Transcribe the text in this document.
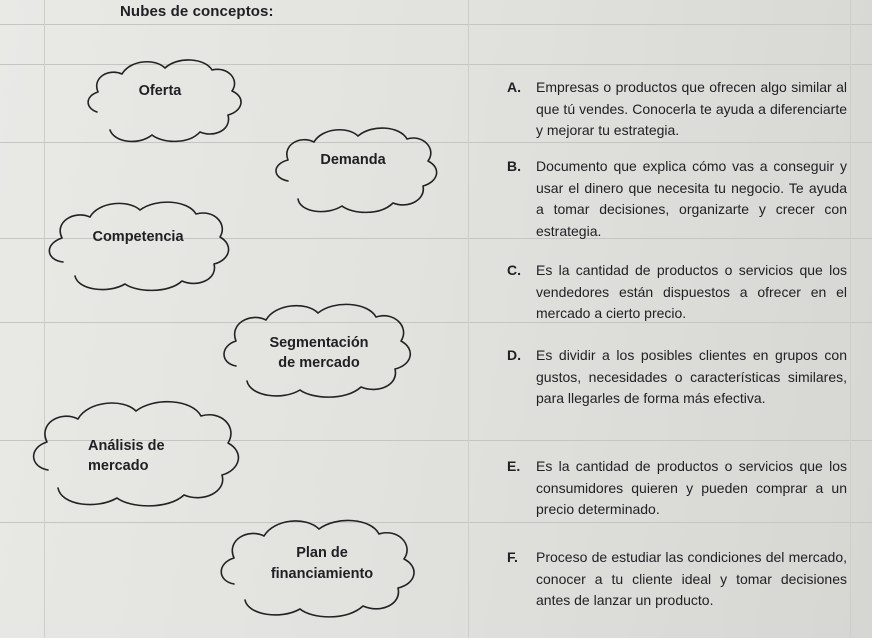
Nubes de conceptos:
Oferta
Demanda
Competencia
Segmentación de mercado
Análisis de mercado
Plan de financiamiento
A. Empresas o productos que ofrecen algo similar al que tú vendes. Conocerla te ayuda a diferenciarte y mejorar tu estrategia.
B. Documento que explica cómo vas a conseguir y usar el dinero que necesita tu negocio. Te ayuda a tomar decisiones, organizarte y crecer con estrategia.
C. Es la cantidad de productos o servicios que los vendedores están dispuestos a ofrecer en el mercado a cierto precio.
D. Es dividir a los posibles clientes en grupos con gustos, necesidades o características similares, para llegarles de forma más efectiva.
E. Es la cantidad de productos o servicios que los consumidores quieren y pueden comprar a un precio determinado.
F. Proceso de estudiar las condiciones del mercado, conocer a tu cliente ideal y tomar decisiones antes de lanzar un producto.
